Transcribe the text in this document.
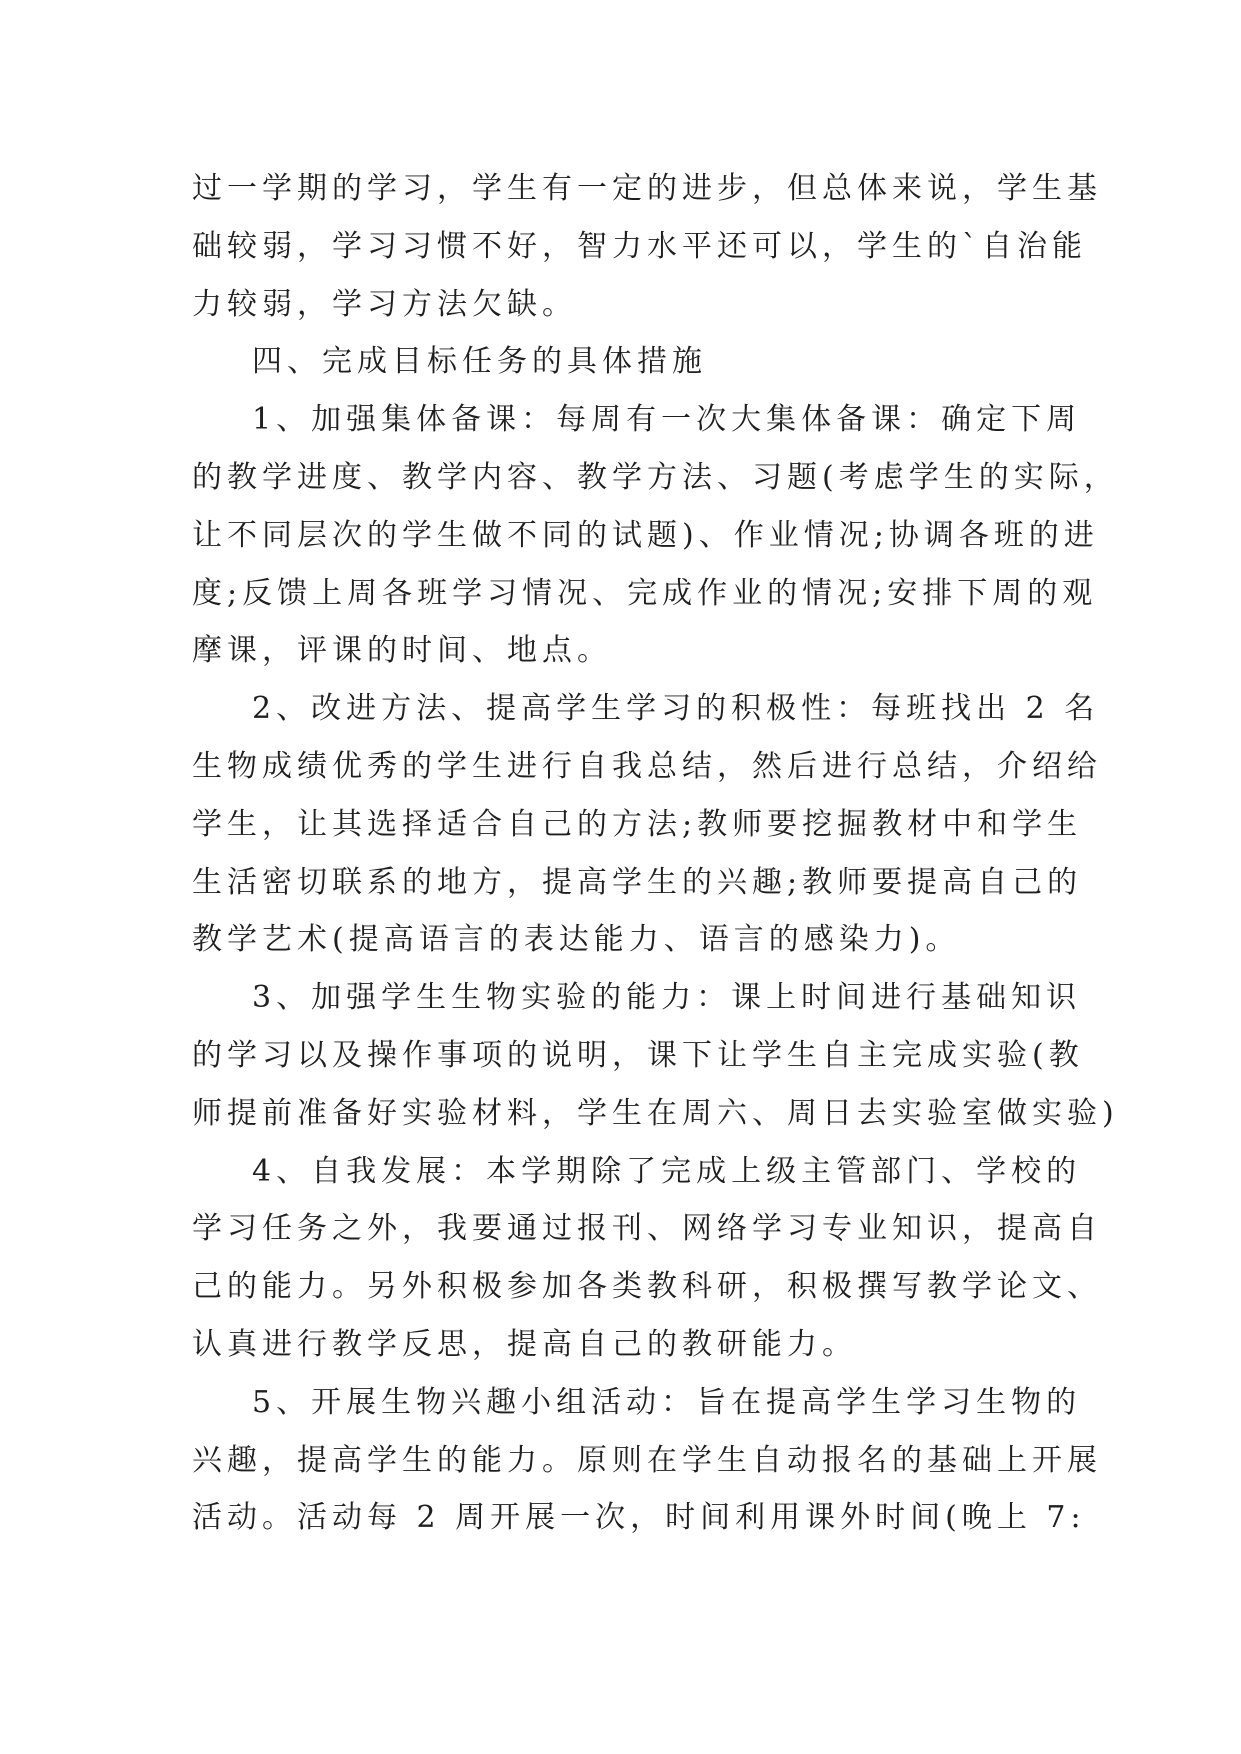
过一学期的学习，学生有一定的进步，但总体来说，学生基
础较弱，学习习惯不好，智力水平还可以，学生的`自治能
力较弱，学习方法欠缺。
四、完成目标任务的具体措施
1、加强集体备课：每周有一次大集体备课：确定下周
的教学进度、教学内容、教学方法、习题(考虑学生的实际，
让不同层次的学生做不同的试题)、作业情况;协调各班的进
度;反馈上周各班学习情况、完成作业的情况;安排下周的观
摩课，评课的时间、地点。
2、改进方法、提高学生学习的积极性：每班找出 2 名
生物成绩优秀的学生进行自我总结，然后进行总结，介绍给
学生，让其选择适合自己的方法;教师要挖掘教材中和学生
生活密切联系的地方，提高学生的兴趣;教师要提高自己的
教学艺术(提高语言的表达能力、语言的感染力)。
3、加强学生生物实验的能力：课上时间进行基础知识
的学习以及操作事项的说明，课下让学生自主完成实验(教
师提前准备好实验材料，学生在周六、周日去实验室做实验)
4、自我发展：本学期除了完成上级主管部门、学校的
学习任务之外，我要通过报刊、网络学习专业知识，提高自
己的能力。另外积极参加各类教科研，积极撰写教学论文、
认真进行教学反思，提高自己的教研能力。
5、开展生物兴趣小组活动：旨在提高学生学习生物的
兴趣，提高学生的能力。原则在学生自动报名的基础上开展
活动。活动每 2 周开展一次，时间利用课外时间(晚上 7:
